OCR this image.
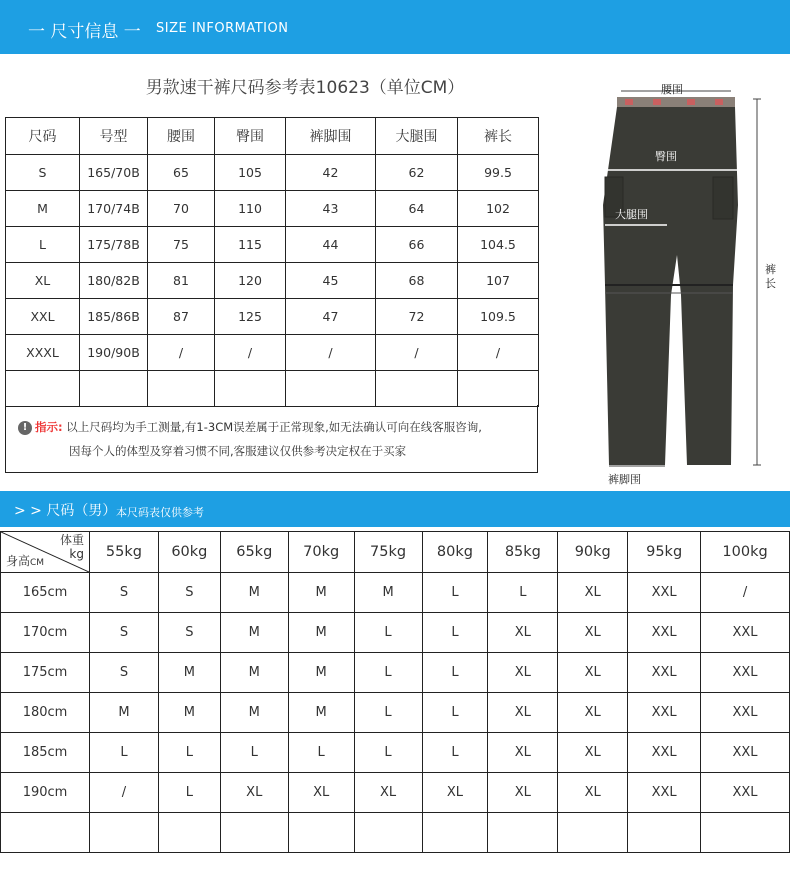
一 尺寸信息 一 SIZE INFORMATION
男款速干裤尺码参考表10623（单位CM）
尺码	号型	腰围	臀围	裤脚围	大腿围	裤长
S	165/70B	65	105	42	62	99.5
M	170/74B	70	110	43	64	102
L	175/78B	75	115	44	66	104.5
XL	180/82B	81	120	45	68	107
XXL	185/86B	87	125	47	72	109.5
XXXL	190/90B	/	/	/	/	/

! 指示: 以上尺码均为手工测量,有1-3CM误差属于正常现象,如无法确认可向在线客服咨询,
因每个人的体型及穿着习惯不同,客服建议仅供参考决定权在于买家
腰围
臀围
大腿围
裤长
裤脚围
> > 尺码（男） 本尺码表仅供参考
体重
kg
身高CM	55kg	60kg	65kg	70kg	75kg	80kg	85kg	90kg	95kg	100kg
165cm	S	S	M	M	M	L	L	XL	XXL	/
170cm	S	S	M	M	L	L	XL	XL	XXL	XXL
175cm	S	M	M	M	L	L	XL	XL	XXL	XXL
180cm	M	M	M	M	L	L	XL	XL	XXL	XXL
185cm	L	L	L	L	L	L	XL	XL	XXL	XXL
190cm	/	L	XL	XL	XL	XL	XL	XL	XXL	XXL
